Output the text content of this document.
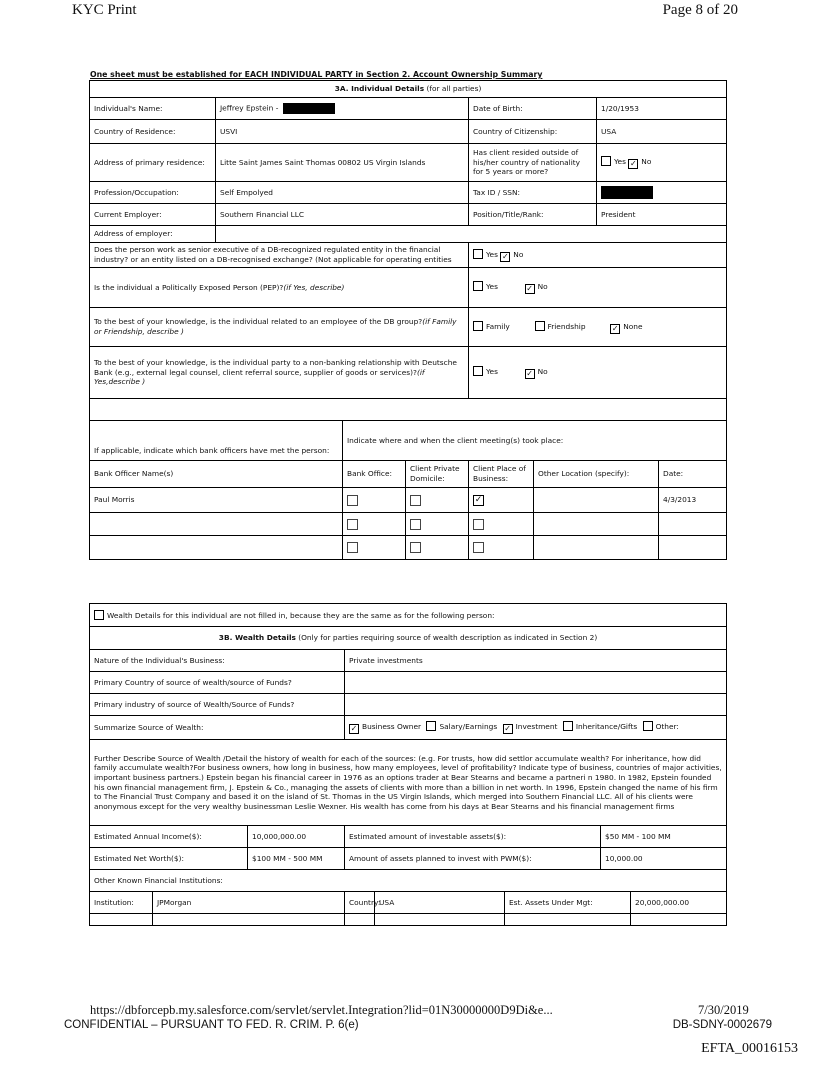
KYC Print	Page 8 of 20
One sheet must be established for EACH INDIVIDUAL PARTY in Section 2. Account Ownership Summary
3A. Individual Details (for all parties)							
Individual's Name:	Jeffrey Epstein -			Date of Birth:		1/20/1953	
Country of Residence:	USVI			Country of Citizenship:		USA	
Address of primary residence:	Litte Saint James Saint Thomas 00802 US Virgin Islands			Has client resided outside of his/her country of nationality for 5 years or more?		Yes ✓ No	
Profession/Occupation:	Self Empolyed			Tax ID / SSN:			
Current Employer:	Southern Financial LLC			Position/Title/Rank:		President	
Address of employer:							
Does the person work as senior executive of a DB-recognized regulated entity in the financial industry? or an entity listed on a DB-recognised exchange? (Not applicable for operating entities				Yes ✓ No			
Is the individual a Politically Exposed Person (PEP)?(if Yes, describe)				Yes ✓ No			
To the best of your knowledge, is the individual related to an employee of the DB group?(if Family or Friendship, describe )				Family Friendship ✓ None			
To the best of your knowledge, is the individual party to a non-banking relationship with Deutsche Bank (e.g., external legal counsel, client referral source, supplier of goods or services)?(if Yes,describe )				Yes ✓ No			

If applicable, indicate which bank officers have met the person:		Indicate where and when the client meeting(s) took place:					
Bank Officer Name(s)		Bank Office:	Client Private Domicile:	Client Place of Business:	Other Location (specify):		Date:
Paul Morris				✓			4/3/2013

Wealth Details for this individual are not filled in, because they are the same as for the following person:							
3B. Wealth Details (Only for parties requiring source of wealth description as indicated in Section 2)							
Nature of the Individual's Business:			Private investments				
Primary Country of source of wealth/source of Funds?							
Primary industry of source of Wealth/Source of Funds?							
Summarize Source of Wealth:			✓ Business Owner Salary/Earnings ✓ Investment Inheritance/Gifts Other:				
Further Describe Source of Wealth /Detail the history of wealth for each of the sources: (e.g. For trusts, how did settlor accumulate wealth? For inheritance, how did family accumulate wealth?For business owners, how long in business, how many employees, level of profitability? Indicate type of business, countries of major activities, important business partners.) Epstein began his financial career in 1976 as an options trader at Bear Stearns and became a partneri n 1980. In 1982, Epstein founded his own financial management firm, J. Epstein & Co., managing the assets of clients with more than a billion in net worth. In 1996, Epstein changed the name of his firm to The Financial Trust Company and based it on the island of St. Thomas in the US Virgin Islands, which merged into Southern Financial LLC. All of his clients were anonymous except for the very wealthy businessman Leslie Wexner. His wealth has come from his days at Bear Stearns and his financial management firms							
Estimated Annual Income($):		10,000,000.00	Estimated amount of investable assets($):			$50 MM - 100 MM	
Estimated Net Worth($):		$100 MM - 500 MM	Amount of assets planned to invest with PWM($):			10,000.00	
Other Known Financial Institutions:							
Institution:	JPMorgan		Country:	USA	Est. Assets Under Mgt:		20,000,000.00

https://dbforcepb.my.salesforce.com/servlet/servlet.Integration?lid=01N30000000D9Di&e...	7/30/2019
CONFIDENTIAL – PURSUANT TO FED. R. CRIM. P. 6(e)	DB-SDNY-0002679
EFTA_00016153
